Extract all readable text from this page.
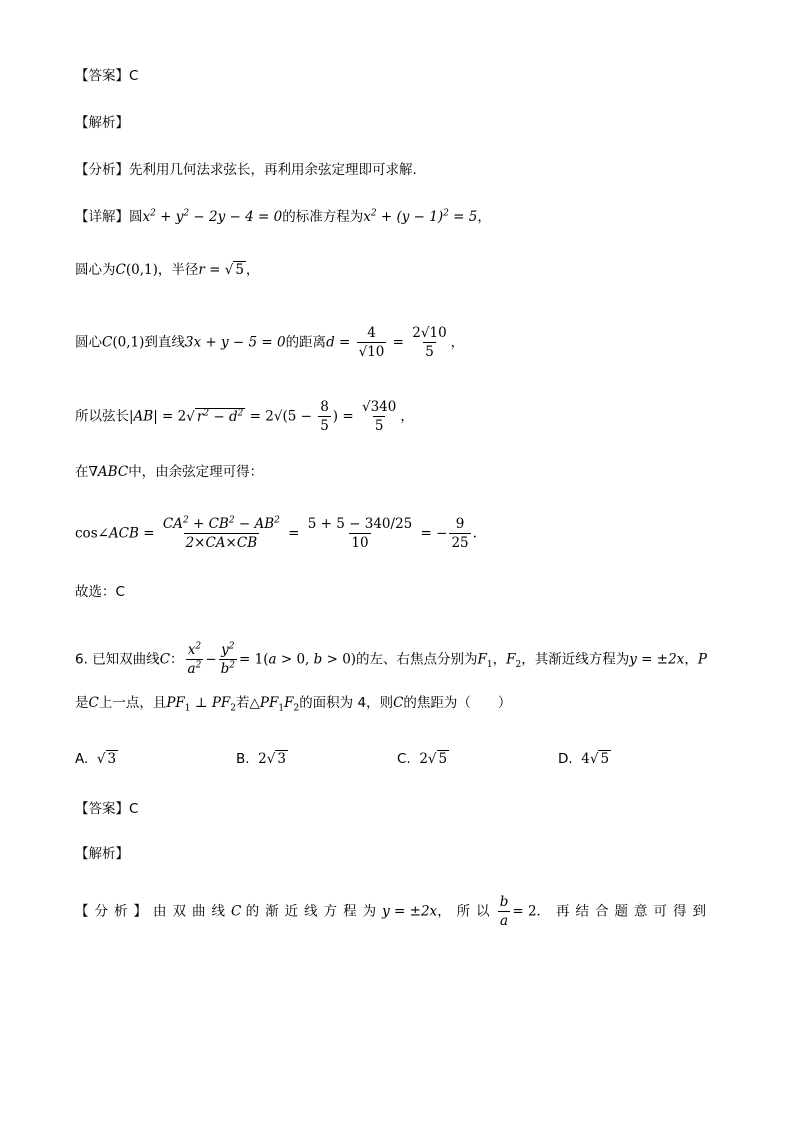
【答案】C
【解析】
【分析】先利用几何法求弦长，再利用余弦定理即可求解.
【详解】圆$x^2 + y^2 - 2y - 4 = 0$的标准方程为$x^2 + (y - 1)^2 = 5$，
圆心为C(0,1)，半径r = √ 5 ，
圆心C(0,1)到直线3x + y − 5 = 0的距离$d = \frac{4}{√10} = \frac{2√10}{5}$ ，
所以弦长|AB| = 2√ $r^2 - d^2 = 2√(5 - \frac{8}{5}$ ) = $\frac{√340}{5}$ ，
在∇ABC中，由余弦定理可得：
cos∠ACB = $\frac{CA^2 + CB^2 - AB^2}{2\times CA\times CB} = \frac{5 + 5 - 340/25}{10}$ = − $\frac{9}{25}$ .
故选：C
6. 已知双曲线C： $\frac{x^2}{a^2} - \frac{y^2}{b^2} = 1(a > 0$, b > 0)的左、右焦点分别为$F_1$，$F_2$，其渐近线方程为y = ±2x，P
是C上一点，且$PF_1$ ⊥ $PF_2$若$\triangle PF_1F_2$的面积为 4，则C的焦距为（　　）
A. √ 3	B. 2√ 3	C. 2√ 5	D. 4√ 5
【答案】C
【解析】
【分析】由双曲线C 的渐近线方程为y = ±2x，所以 $\frac{b}{a} = 2$．再结合题意可得到
